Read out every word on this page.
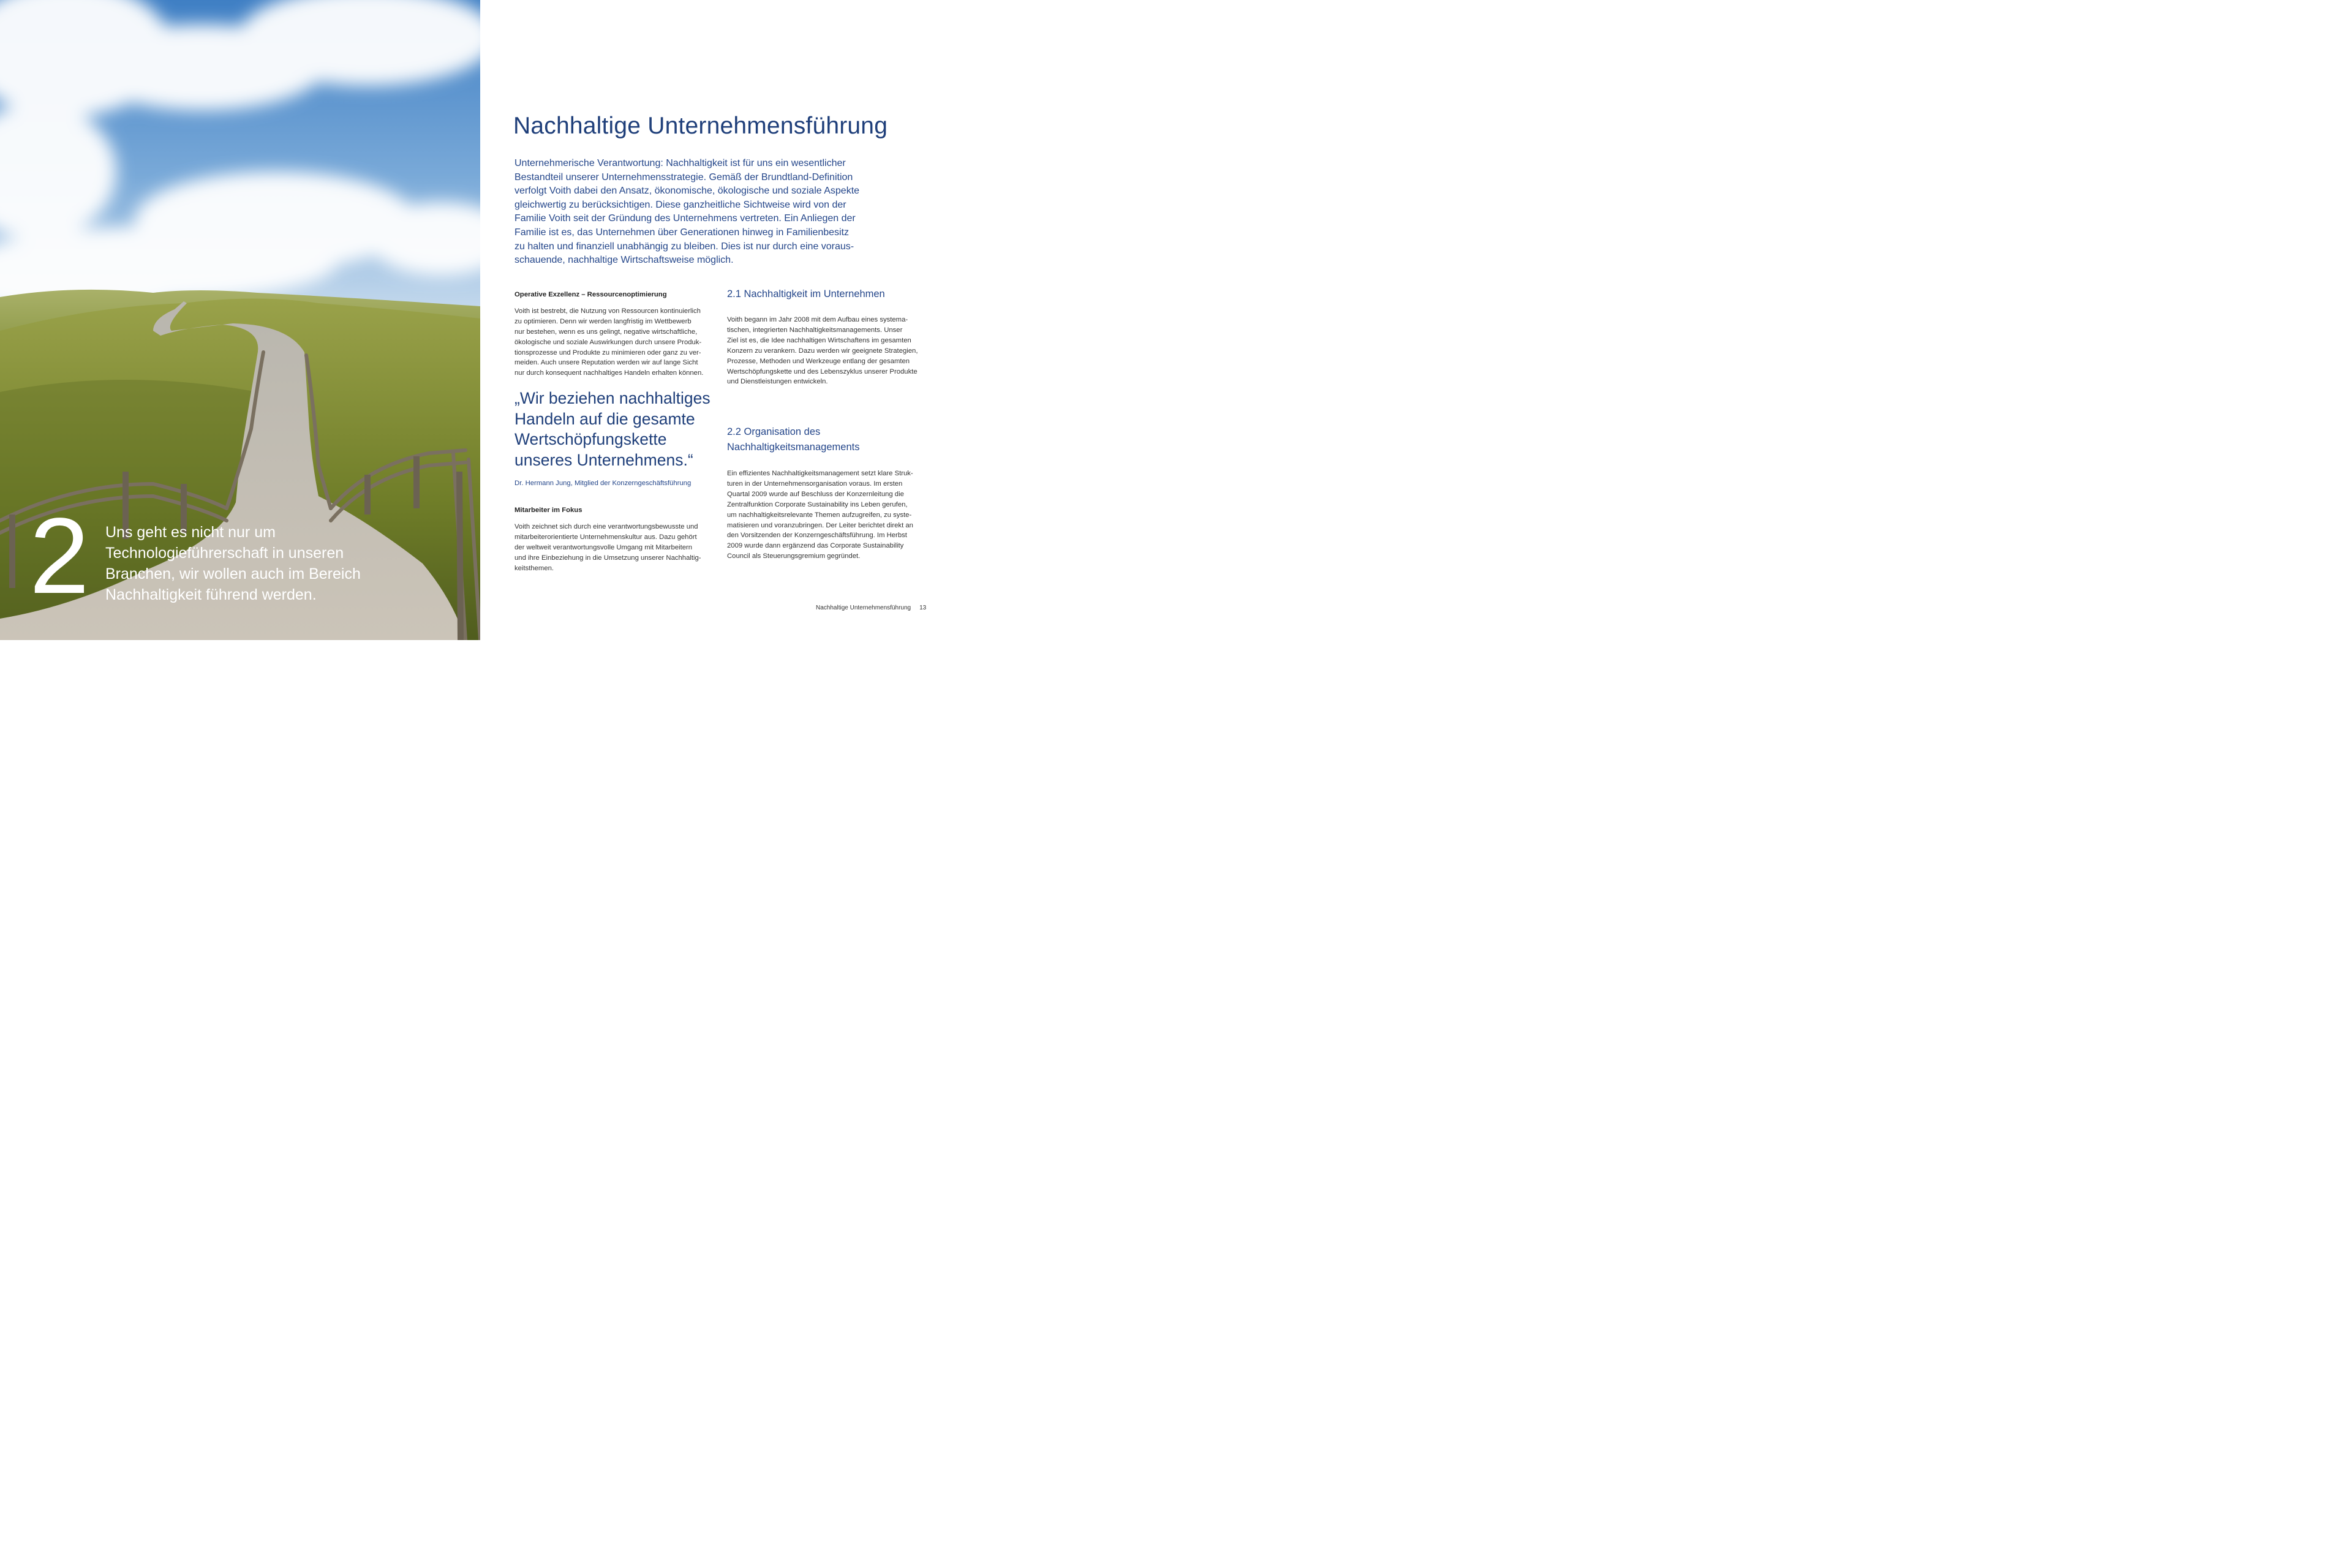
2 Uns geht es nicht nur um
Technologieführerschaft in unseren
Branchen, wir wollen auch im Bereich
Nachhaltigkeit führend werden.
Nachhaltige Unternehmensführung
Unternehmerische Verantwortung: Nachhaltigkeit ist für uns ein wesentlicher
Bestandteil unserer Unternehmensstrategie. Gemäß der Brundtland-Definition
verfolgt Voith dabei den Ansatz, ökonomische, ökologische und soziale Aspekte
gleichwertig zu berücksichtigen. Diese ganzheitliche Sichtweise wird von der
Familie Voith seit der Gründung des Unternehmens vertreten. Ein Anliegen der
Familie ist es, das Unternehmen über Generationen hinweg in Familienbesitz
zu halten und finanziell unabhängig zu bleiben. Dies ist nur durch eine voraus-
schauende, nachhaltige Wirtschaftsweise möglich.
Operative Exzellenz – Ressourcenoptimierung
Voith ist bestrebt, die Nutzung von Ressourcen kontinuierlich
zu optimieren. Denn wir werden langfristig im Wettbewerb
nur bestehen, wenn es uns gelingt, negative wirtschaftliche,
ökologische und soziale Auswirkungen durch unsere Produk-
tionsprozesse und Produkte zu minimieren oder ganz zu ver-
meiden. Auch unsere Reputation werden wir auf lange Sicht
nur durch konsequent nachhaltiges Handeln erhalten können.
„Wir beziehen nachhaltiges
Handeln auf die gesamte
Wertschöpfungskette
unseres Unternehmens.“
Dr. Hermann Jung, Mitglied der Konzerngeschäftsführung
Mitarbeiter im Fokus
Voith zeichnet sich durch eine verantwortungsbewusste und
mitarbeiterorientierte Unternehmenskultur aus. Dazu gehört
der weltweit verantwortungsvolle Umgang mit Mitarbeitern
und ihre Einbeziehung in die Umsetzung unserer Nachhaltig-
keitsthemen.
2.1 Nachhaltigkeit im Unternehmen
Voith begann im Jahr 2008 mit dem Aufbau eines systema-
tischen, integrierten Nachhaltigkeitsmanagements. Unser
Ziel ist es, die Idee nachhaltigen Wirtschaftens im gesamten
Konzern zu verankern. Dazu werden wir geeignete Strategien,
Prozesse, Methoden und Werkzeuge entlang der gesamten
Wertschöpfungskette und des Lebenszyklus unserer Produkte
und Dienstleistungen entwickeln.
2.2 Organisation des
Nachhaltigkeitsmanagements
Ein effizientes Nachhaltigkeitsmanagement setzt klare Struk-
turen in der Unternehmensorganisation voraus. Im ersten
Quartal 2009 wurde auf Beschluss der Konzernleitung die
Zentralfunktion Corporate Sustainability ins Leben gerufen,
um nachhaltigkeitsrelevante Themen aufzugreifen, zu syste-
matisieren und voranzubringen. Der Leiter berichtet direkt an
den Vorsitzenden der Konzerngeschäftsführung. Im Herbst
2009 wurde dann ergänzend das Corporate Sustainability
Council als Steuerungsgremium gegründet.
Nachhaltige Unternehmensführung 13
